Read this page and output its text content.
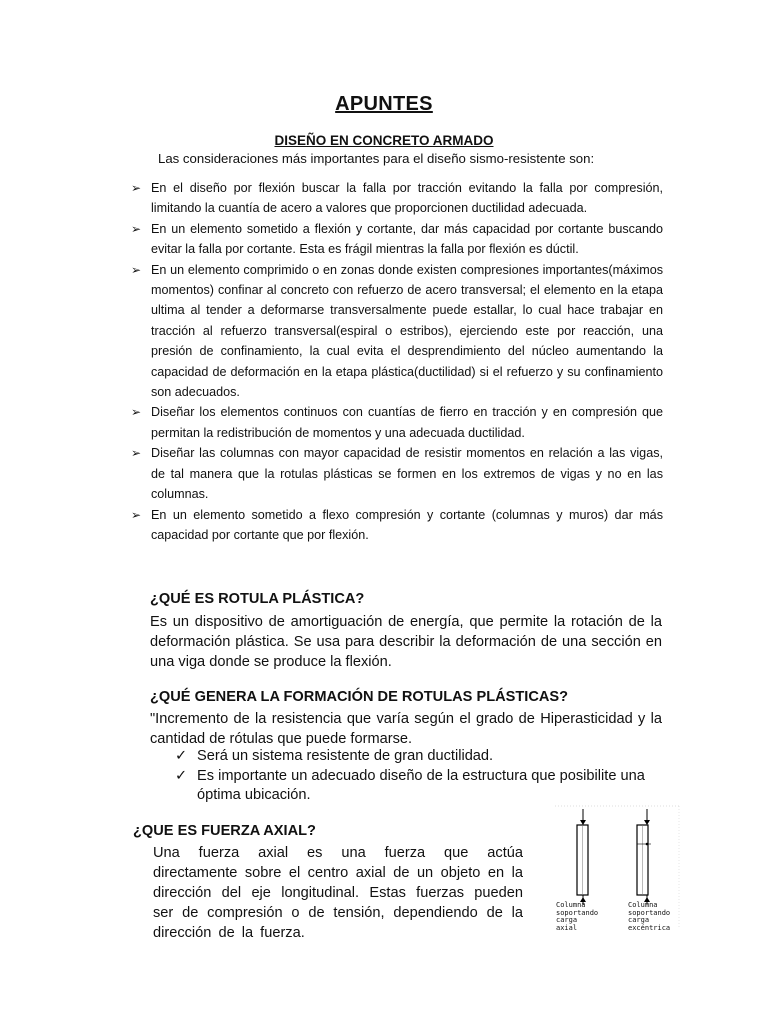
APUNTES
DISEÑO EN CONCRETO ARMADO
Las consideraciones más importantes para el diseño sismo-resistente son:
➢ En el diseño por flexión buscar la falla por tracción evitando la falla por compresión, limitando la cuantía de acero a valores que proporcionen ductilidad adecuada.
➢ En un elemento sometido a flexión y cortante, dar más capacidad por cortante buscando evitar la falla por cortante. Esta es frágil mientras la falla por flexión es dúctil.
➢ En un elemento comprimido o en zonas donde existen compresiones importantes(máximos momentos) confinar al concreto con refuerzo de acero transversal; el elemento en la etapa ultima al tender a deformarse transversalmente puede estallar, lo cual hace trabajar en tracción al refuerzo transversal(espiral o estribos), ejerciendo este por reacción, una presión de confinamiento, la cual evita el desprendimiento del núcleo aumentando la capacidad de deformación en la etapa plástica(ductilidad) si el refuerzo y su confinamiento son adecuados.
➢ Diseñar los elementos continuos con cuantías de fierro en tracción y en compresión que permitan la redistribución de momentos y una adecuada ductilidad.
➢ Diseñar las columnas con mayor capacidad de resistir momentos en relación a las vigas, de tal manera que la rotulas plásticas se formen en los extremos de vigas y no en las columnas.
➢ En un elemento sometido a flexo compresión y cortante (columnas y muros) dar más capacidad por cortante que por flexión.
¿QUÉ ES ROTULA PLÁSTICA?
Es un dispositivo de amortiguación de energía, que permite la rotación de la deformación plástica. Se usa para describir la deformación de una sección en una viga donde se produce la flexión.
¿QUÉ GENERA LA FORMACIÓN DE ROTULAS PLÁSTICAS?
"Incremento de la resistencia que varía según el grado de Hiperasticidad y la cantidad de rótulas que puede formarse.
✓ Será un sistema resistente de gran ductilidad.
✓ Es importante un adecuado diseño de la estructura que posibilite una óptima ubicación.
¿QUE ES FUERZA AXIAL?
Una fuerza axial es una fuerza que actúa directamente sobre el centro axial de un objeto en la dirección del eje longitudinal. Estas fuerzas pueden ser de compresión o de tensión, dependiendo de la dirección de la fuerza.
Columna
soportando
carga
axial
Columna
soportando
carga
excéntrica
